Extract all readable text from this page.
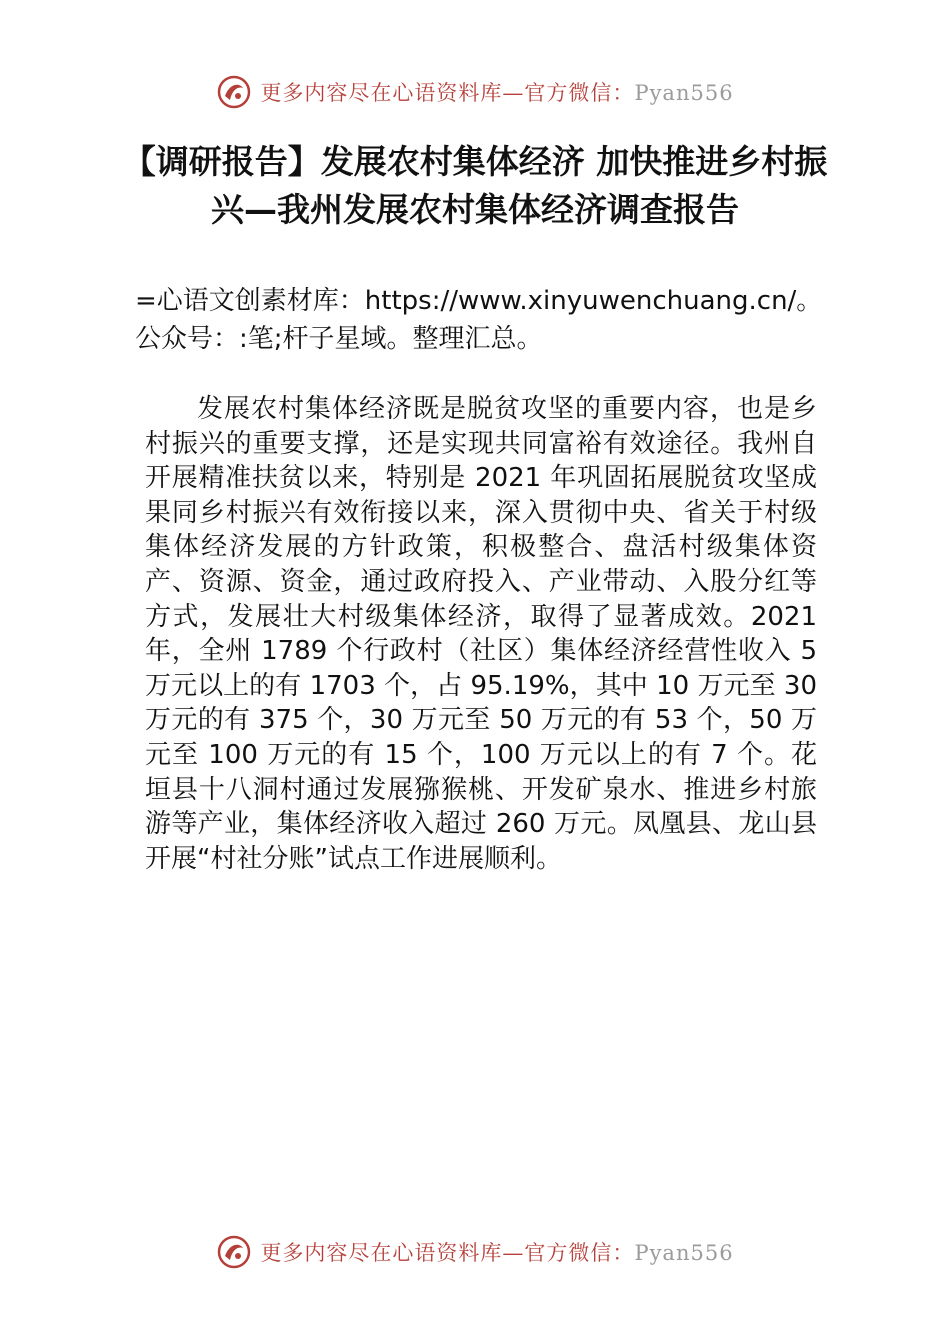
更多内容尽在心语资料库—官方微信：Pyan556
【调研报告】发展农村集体经济 加快推进乡村振兴—我州发展农村集体经济调查报告
=心语文创素材库：https://www.xinyuwenchuang.cn/。公众号：:笔;杆子星域。整理汇总。
发展农村集体经济既是脱贫攻坚的重要内容，也是乡村振兴的重要支撑，还是实现共同富裕有效途径。我州自开展精准扶贫以来，特别是 2021 年巩固拓展脱贫攻坚成果同乡村振兴有效衔接以来，深入贯彻中央、省关于村级集体经济发展的方针政策，积极整合、盘活村级集体资产、资源、资金，通过政府投入、产业带动、入股分红等方式，发展壮大村级集体经济，取得了显著成效。2021 年，全州 1789 个行政村（社区）集体经济经营性收入 5 万元以上的有 1703 个，占 95.19%，其中 10 万元至 30 万元的有 375 个，30 万元至 50 万元的有 53 个，50 万元至 100 万元的有 15 个，100 万元以上的有 7 个。花垣县十八洞村通过发展猕猴桃、开发矿泉水、推进乡村旅游等产业，集体经济收入超过 260 万元。凤凰县、龙山县开展“村社分账”试点工作进展顺利。
更多内容尽在心语资料库—官方微信：Pyan556
